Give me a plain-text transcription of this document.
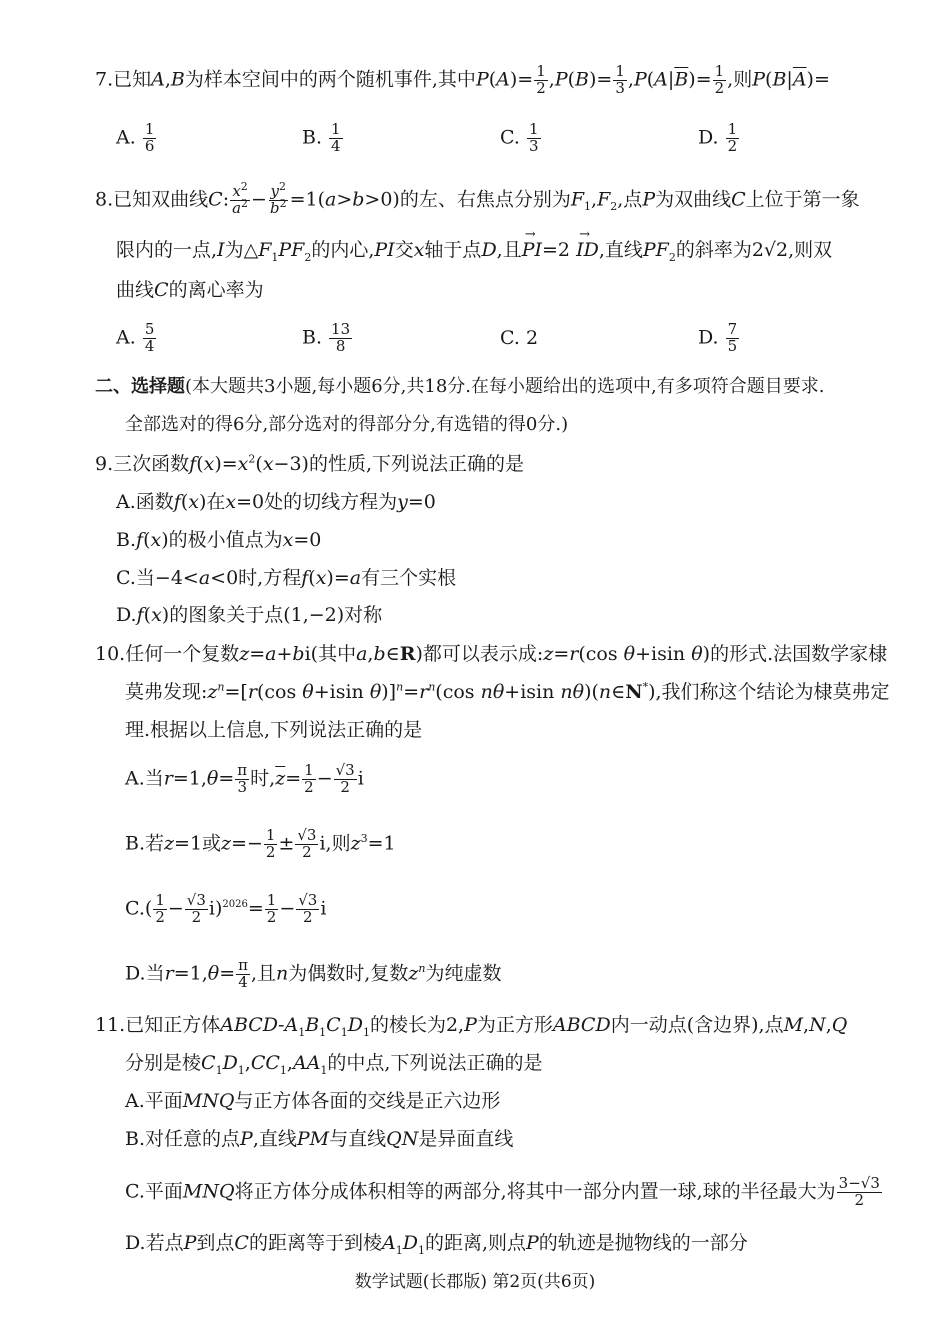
7.已知A,B为样本空间中的两个随机事件,其中$P(A)= \frac{1}{2} ,P(B)= \frac{1}{3} ,P(A|\overline{B})= \frac{1}{2}$ ,则$P(B|\overline{A})=$
A. $\frac{1}{6}$	B. $\frac{1}{4}$	C. $\frac{1}{3}$	D. $\frac{1}{2}$
8.已知双曲线C: $\frac{x^2}{a^2} - \frac{y^2}{b^2} =1(a>b>0)$的左、右焦点分别为$F_1,F_2$,点P为双曲线C上位于第一象
限内的一点,I为$\triangle F_1PF_2$的内心,PI交x轴于点D,且→ PI=2 → ID,直线$PF_2$的斜率为2√2,则双
曲线C的离心率为
A. $\frac{5}{4}$	B. $\frac{13}{8}$	C. 2	D. $\frac{7}{5}$
二、选择题(本大题共3小题,每小题6分,共18分.在每小题给出的选项中,有多项符合题目要求.
全部选对的得6分,部分选对的得部分分,有选错的得0分.)
9.三次函数$f(x)=x^2(x-3)$的性质,下列说法正确的是
A.函数f(x)在x=0处的切线方程为y=0
B.f(x)的极小值点为x=0
C.当−4<a<0时,方程f(x)=a有三个实根
D.f(x)的图象关于点(1,−2)对称
10.任何一个复数z=a+bi(其中a,b∈R)都可以表示成:z=r(cos θ+isin θ)的形式.法国数学家棣
莫弗发现$:z^n=[r(\cos$ θ+isin $\theta)]^n=r^n(\cos$ nθ+isin nθ)(n∈N*),我们称这个结论为棣莫弗定
理.根据以上信息,下列说法正确的是
A.当$r=1,\theta= \frac{\pi}{3}$ 时$,\overline{z}= \frac{1}{2} - \frac{√3}{2}$ i
B.若z=1或$z=- \frac{1}{2} \pm \frac{√3}{2} i$,则$z^3=1$
$C.( \frac{1}{2} - \frac{√3}{2} i)^{2026}= \frac{1}{2} - \frac{√3}{2}$ i
D.当$r=1,\theta= \frac{\pi}{4}$ ,且n为偶数时,复数$z^n$为纯虚数
11.已知正方体ABCD-$A_1B_1C_1D_1$的棱长为2,P为正方形ABCD内一动点(含边界),点M,N,Q
分别是棱$C_1D_1,CC_1,AA_1$的中点,下列说法正确的是
A.平面MNQ与正方体各面的交线是正六边形
B.对任意的点P,直线PM与直线QN是异面直线
C.平面MNQ将正方体分成体积相等的两部分,将其中一部分内置一球,球的半径最大为 $\frac{3-√3}{2}$
D.若点P到点C的距离等于到棱$A_1D_1$的距离,则点P的轨迹是抛物线的一部分
数学试题(长郡版) 第2页(共6页)
